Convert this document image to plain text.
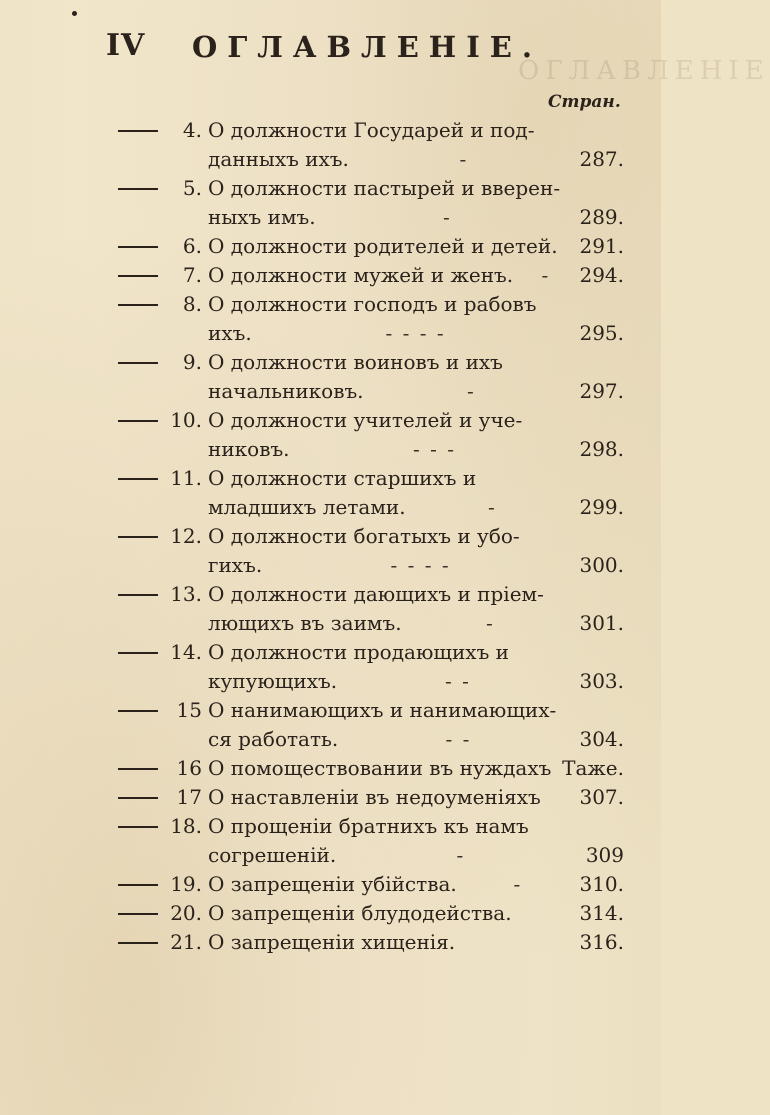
ОГЛАВЛЕНІЕ
IV ОГЛАВЛЕНІЕ.
Стран.
4. О должности Государей и под-
данныхъ ихъ.	-	287.
5. О должности пастырей и вверен-
ныхъ имъ.	-	289.
6. О должности родителей и детей. 291.
7. О должности мужей и женъ. - 294.
8. О должности господъ и рабовъ
ихъ.	- - - -	295.
9. О должности воиновъ и ихъ
начальниковъ.	-	297.
10. О должности учителей и уче-
никовъ.	- - -	298.
11. О должности старшихъ и
младшихъ летами.	-	299.
12. О должности богатыхъ и убо-
гихъ.	- - - -	300.
13. О должности дающихъ и пріем-
лющихъ въ заимъ.	-	301.
14. О должности продающихъ и
купующихъ.	- -	303.
15 О нанимающихъ и нанимающих-
ся работать.	- -	304.
16 О помоществовании въ нуждахъ Таже.
17 О наставленіи въ недоуменіяхъ 307.
18. О прощеніи братнихъ къ намъ
согрешеній.	-	309
19. О запрещеніи убійства.	-	310.
20. О запрещеніи блудодейства.	314.
21. О запрещеніи хищенія.	316.
